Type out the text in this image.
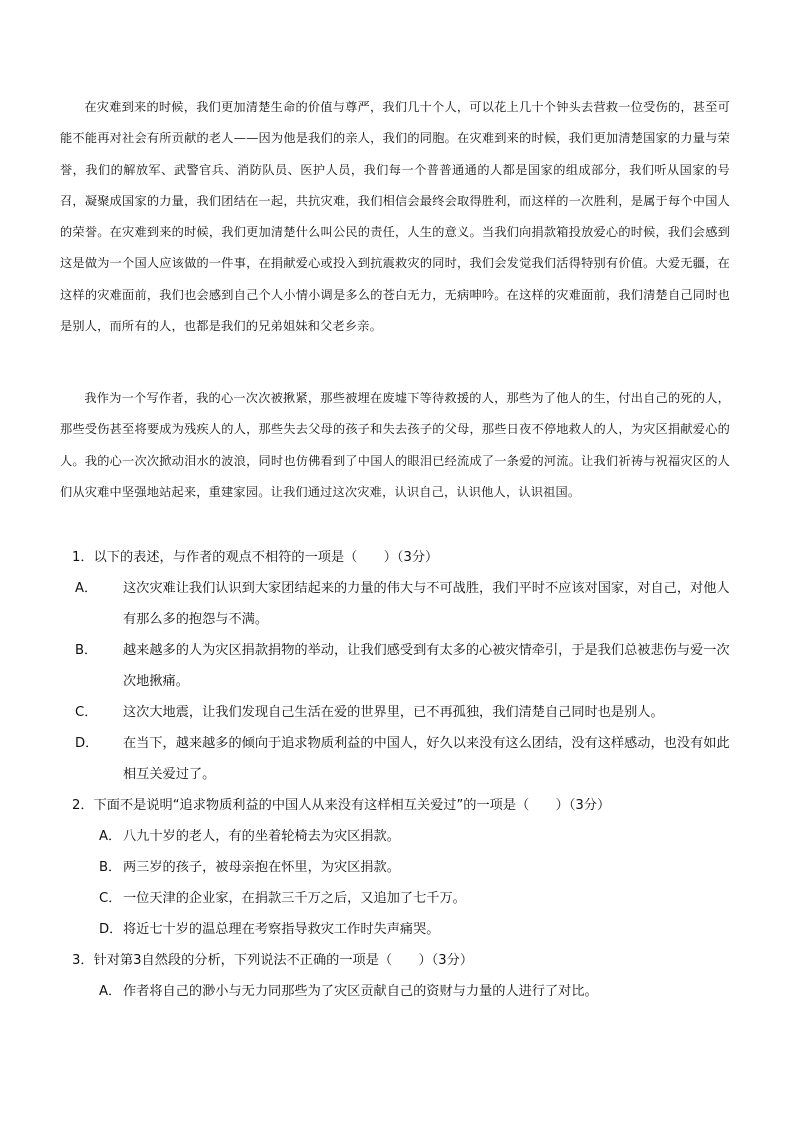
在灾难到来的时候，我们更加清楚生命的价值与尊严，我们几十个人，可以花上几十个钟头去营救一位受伤的，甚至可能不能再对社会有所贡献的老人——因为他是我们的亲人，我们的同胞。在灾难到来的时候，我们更加清楚国家的力量与荣誉，我们的解放军、武警官兵、消防队员、医护人员，我们每一个普普通通的人都是国家的组成部分，我们听从国家的号召，凝聚成国家的力量，我们团结在一起，共抗灾难，我们相信会最终会取得胜利，而这样的一次胜利，是属于每个中国人的荣誉。在灾难到来的时候，我们更加清楚什么叫公民的责任，人生的意义。当我们向捐款箱投放爱心的时候，我们会感到这是做为一个国人应该做的一件事，在捐献爱心或投入到抗震救灾的同时，我们会发觉我们活得特别有价值。大爱无疆，在这样的灾难面前，我们也会感到自己个人小情小调是多么的苍白无力，无病呻吟。在这样的灾难面前，我们清楚自己同时也是别人，而所有的人，也都是我们的兄弟姐妹和父老乡亲。

我作为一个写作者，我的心一次次被揪紧，那些被埋在废墟下等待救援的人，那些为了他人的生，付出自己的死的人，那些受伤甚至将要成为残疾人的人，那些失去父母的孩子和失去孩子的父母，那些日夜不停地救人的人，为灾区捐献爱心的人。我的心一次次掀动泪水的波浪，同时也仿佛看到了中国人的眼泪已经流成了一条爱的河流。让我们祈祷与祝福灾区的人们从灾难中坚强地站起来，重建家园。让我们通过这次灾难，认识自己，认识他人，认识祖国。

1．以下的表述，与作者的观点不相符的一项是（　　）（3分）
A． 这次灾难让我们认识到大家团结起来的力量的伟大与不可战胜，我们平时不应该对国家，对自己，对他人有那么多的抱怨与不满。
B． 越来越多的人为灾区捐款捐物的举动，让我们感受到有太多的心被灾情牵引，于是我们总被悲伤与爱一次次地揪痛。
C． 这次大地震，让我们发现自己生活在爱的世界里，已不再孤独，我们清楚自己同时也是别人。
D． 在当下，越来越多的倾向于追求物质利益的中国人，好久以来没有这么团结，没有这样感动，也没有如此相互关爱过了。
2．下面不是说明“追求物质利益的中国人从来没有这样相互关爱过”的一项是（　　）（3分）
A． 八九十岁的老人，有的坐着轮椅去为灾区捐款。
B． 两三岁的孩子，被母亲抱在怀里，为灾区捐款。
C． 一位天津的企业家，在捐款三千万之后，又追加了七千万。
D．将近七十岁的温总理在考察指导救灾工作时失声痛哭。
3．针对第3自然段的分析，下列说法不正确的一项是（　　）（3分）
A． 作者将自己的渺小与无力同那些为了灾区贡献自己的资财与力量的人进行了对比。
